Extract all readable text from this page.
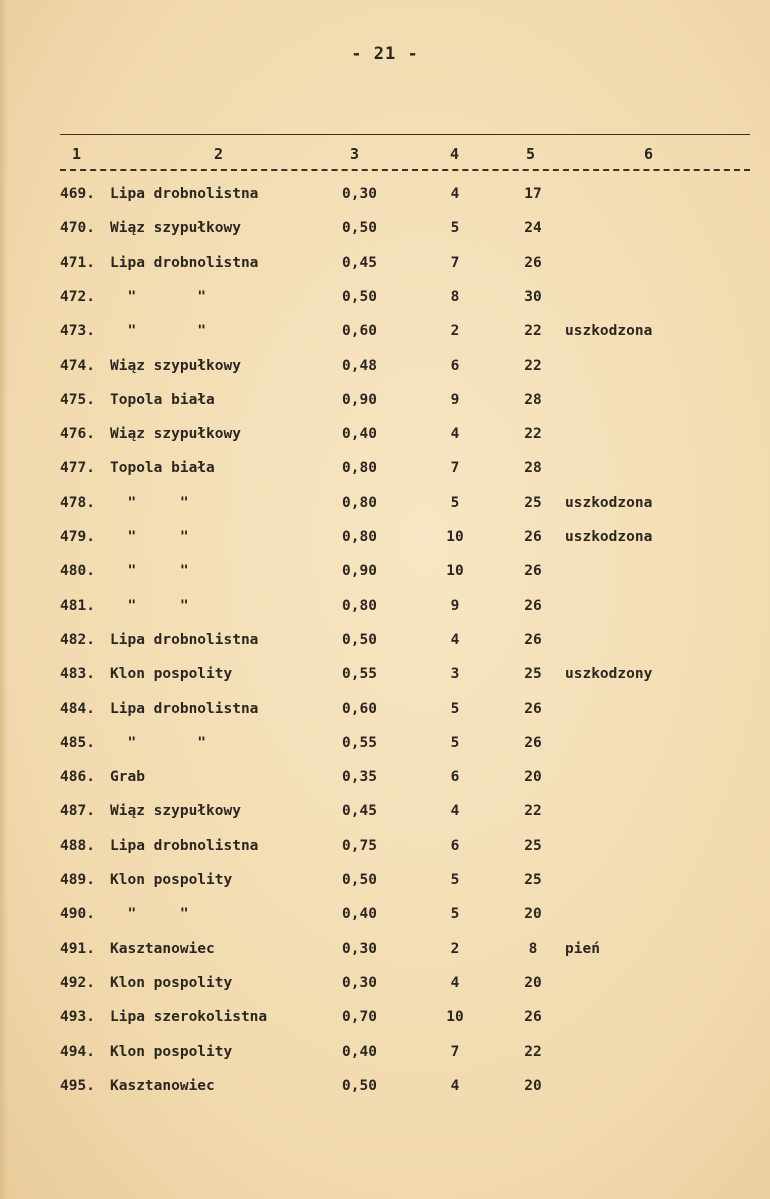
- 21 -
1	2	3	4	5	6
469. Lipa drobnolistna	0,30	4	17
470. Wiąz szypułkowy	0,50	5	24
471. Lipa drobnolistna	0,45	7	26
472. "       "	0,50	8	30
473. "       "	0,60	2	22	uszkodzona
474. Wiąz szypułkowy	0,48	6	22
475. Topola biała	0,90	9	28
476. Wiąz szypułkowy	0,40	4	22
477. Topola biała	0,80	7	28
478. "     "	0,80	5	25	uszkodzona
479. "     "	0,80	10	26	uszkodzona
480. "     "	0,90	10	26
481. "     "	0,80	9	26
482. Lipa drobnolistna	0,50	4	26
483. Klon pospolity	0,55	3	25	uszkodzony
484. Lipa drobnolistna	0,60	5	26
485. "       "	0,55	5	26
486. Grab	0,35	6	20
487. Wiąz szypułkowy	0,45	4	22
488. Lipa drobnolistna	0,75	6	25
489. Klon pospolity	0,50	5	25
490. "     "	0,40	5	20
491. Kasztanowiec	0,30	2	8	pień
492. Klon pospolity	0,30	4	20
493. Lipa szerokolistna	0,70	10	26
494. Klon pospolity	0,40	7	22
495. Kasztanowiec	0,50	4	20
